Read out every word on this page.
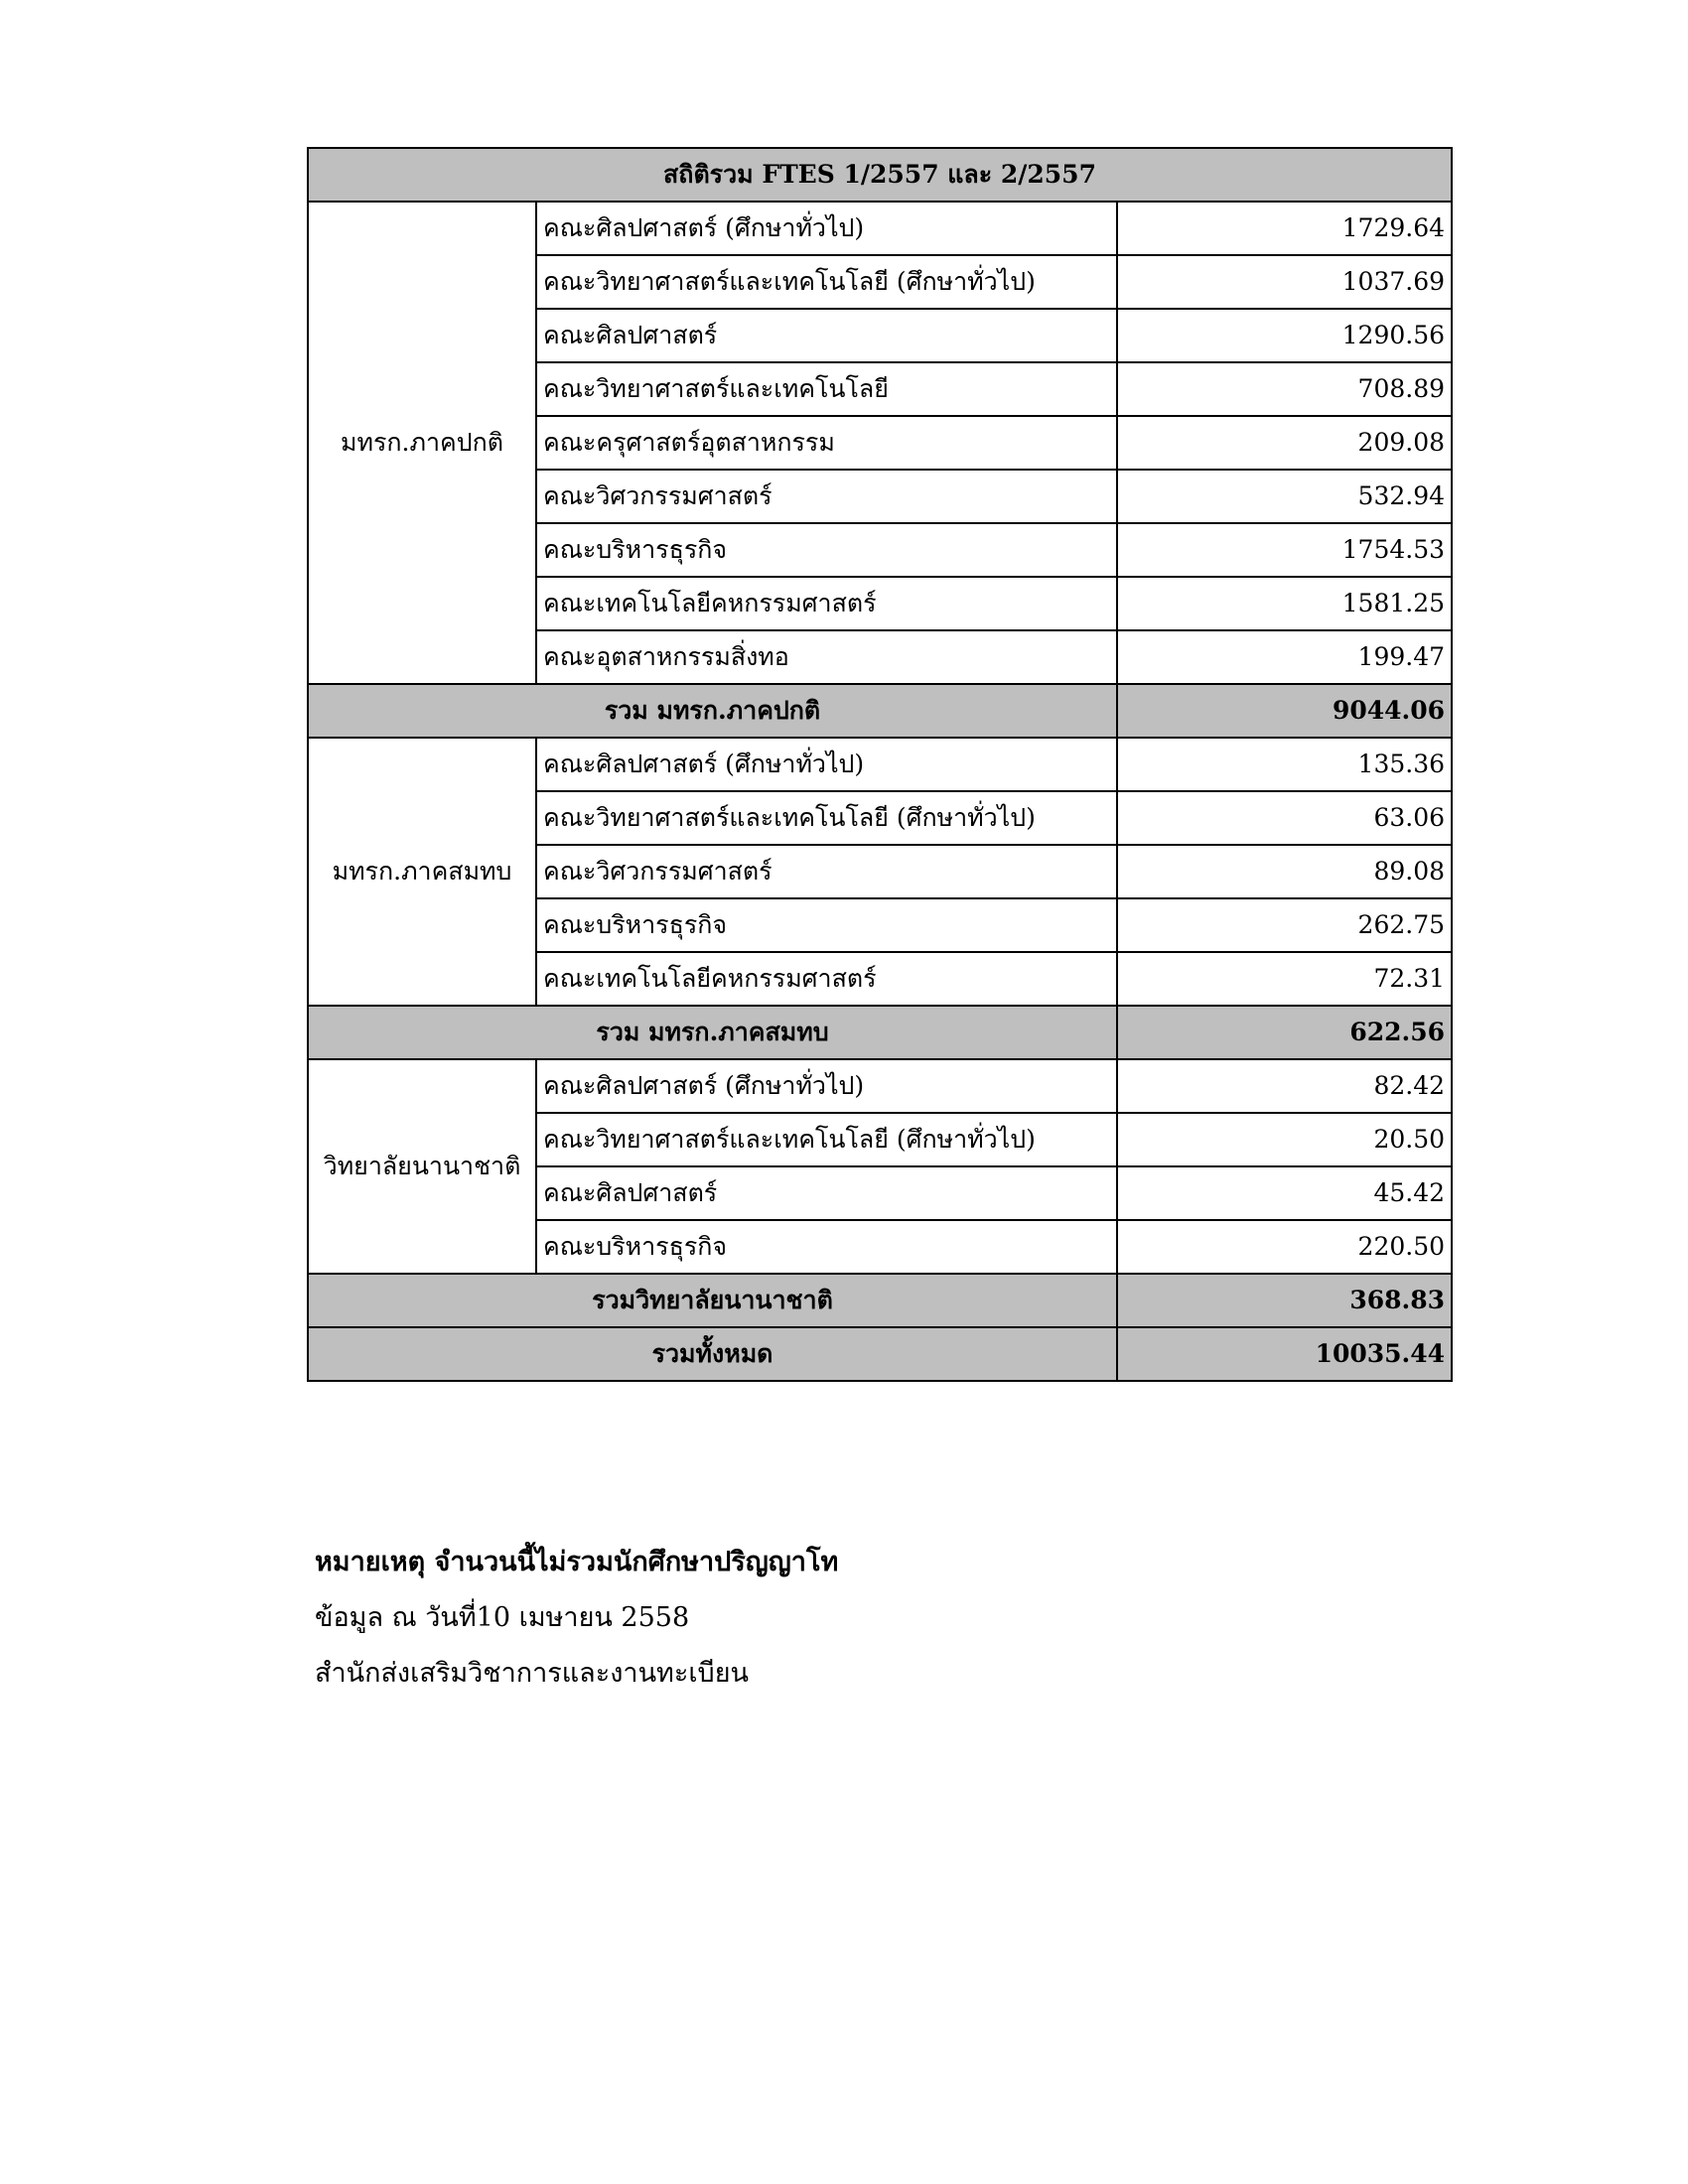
สถิติรวม FTES 1/2557 และ 2/2557		
มทรก.ภาคปกติ	คณะศิลปศาสตร์ (ศึกษาทั่วไป)	1729.64
	คณะวิทยาศาสตร์และเทคโนโลยี (ศึกษาทั่วไป)	1037.69
	คณะศิลปศาสตร์	1290.56
	คณะวิทยาศาสตร์และเทคโนโลยี	708.89
	คณะครุศาสตร์อุตสาหกรรม	209.08
	คณะวิศวกรรมศาสตร์	532.94
	คณะบริหารธุรกิจ	1754.53
	คณะเทคโนโลยีคหกรรมศาสตร์	1581.25
	คณะอุตสาหกรรมสิ่งทอ	199.47
รวม มทรก.ภาคปกติ		9044.06
มทรก.ภาคสมทบ	คณะศิลปศาสตร์ (ศึกษาทั่วไป)	135.36
	คณะวิทยาศาสตร์และเทคโนโลยี (ศึกษาทั่วไป)	63.06
	คณะวิศวกรรมศาสตร์	89.08
	คณะบริหารธุรกิจ	262.75
	คณะเทคโนโลยีคหกรรมศาสตร์	72.31
รวม มทรก.ภาคสมทบ		622.56
วิทยาลัยนานาชาติ	คณะศิลปศาสตร์ (ศึกษาทั่วไป)	82.42
	คณะวิทยาศาสตร์และเทคโนโลยี (ศึกษาทั่วไป)	20.50
	คณะศิลปศาสตร์	45.42
	คณะบริหารธุรกิจ	220.50
รวมวิทยาลัยนานาชาติ		368.83
รวมทั้งหมด		10035.44

หมายเหตุ จำนวนนี้ไม่รวมนักศึกษาปริญญาโท

ข้อมูล ณ วันที่10 เมษายน 2558

สำนักส่งเสริมวิชาการและงานทะเบียน
